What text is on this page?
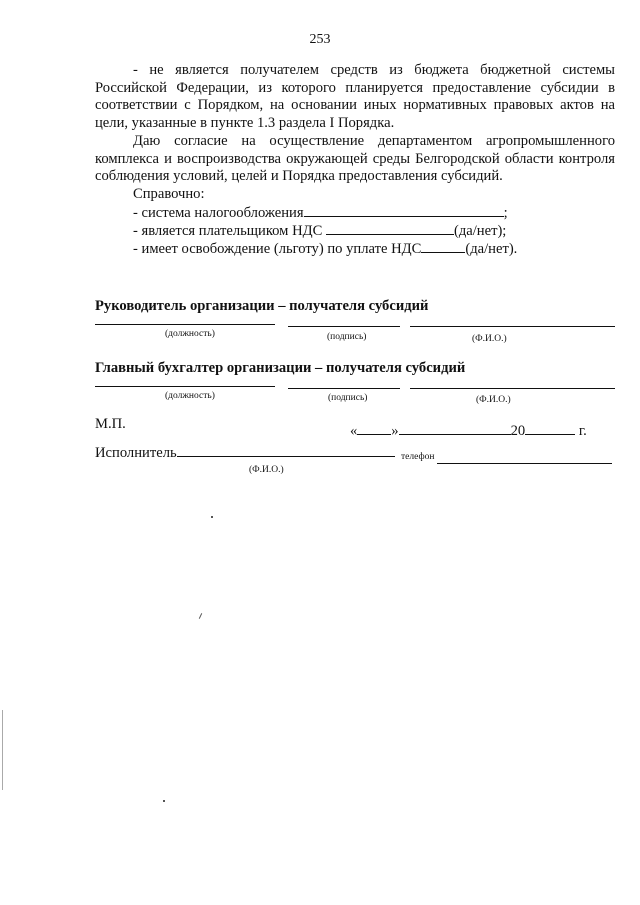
253
- не является получателем средств из бюджета бюджетной системы Российской Федерации, из которого планируется предоставление субсидии в соответствии с Порядком, на основании иных нормативных правовых актов на цели, указанные в пункте 1.3 раздела I Порядка.
Даю согласие на осуществление департаментом агропромышленного комплекса и воспроизводства окружающей среды Белгородской области контроля соблюдения условий, целей и Порядка предоставления субсидий.
Справочно:
- система налогообложения	;
- является плательщиком НДС	(да/нет);
- имеет освобождение (льготу) по уплате НДС	(да/нет).
Руководитель организации – получателя субсидий
(должность)	(подпись)	(Ф.И.О.)
Главный бухгалтер организации – получателя субсидий
(должность)	(подпись)	(Ф.И.О.)
М.П.	« »	20	г.
Исполнитель	телефон
(Ф.И.О.)
